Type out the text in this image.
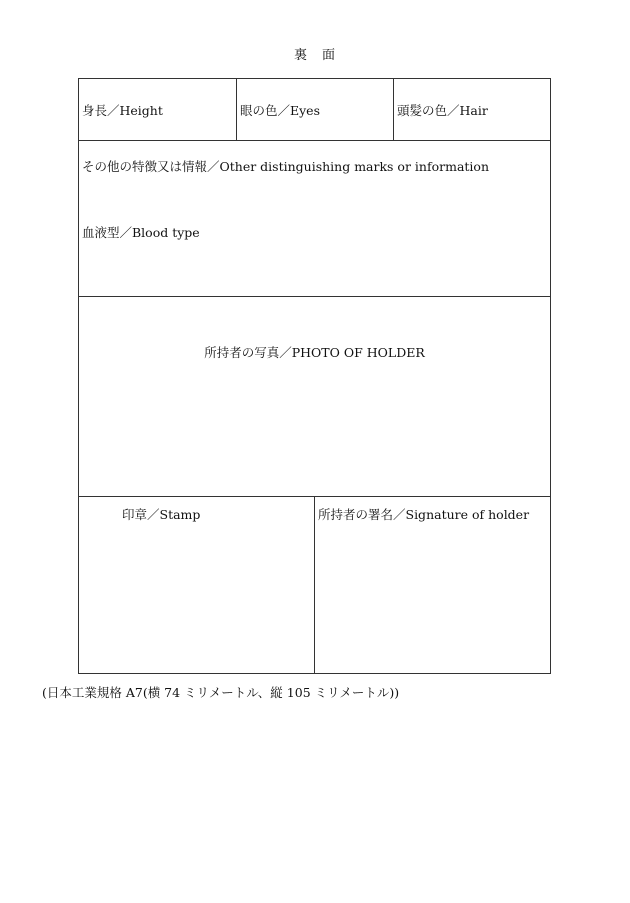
裏　面
身長／Height	眼の色／Eyes	頭髪の色／Hair
その他の特徴又は情報／Other distinguishing marks or information
血液型／Blood type
所持者の写真／PHOTO OF HOLDER
印章／Stamp	所持者の署名／Signature of holder
(日本工業規格 A7(横 74 ミリメートル、縦 105 ミリメートル))
